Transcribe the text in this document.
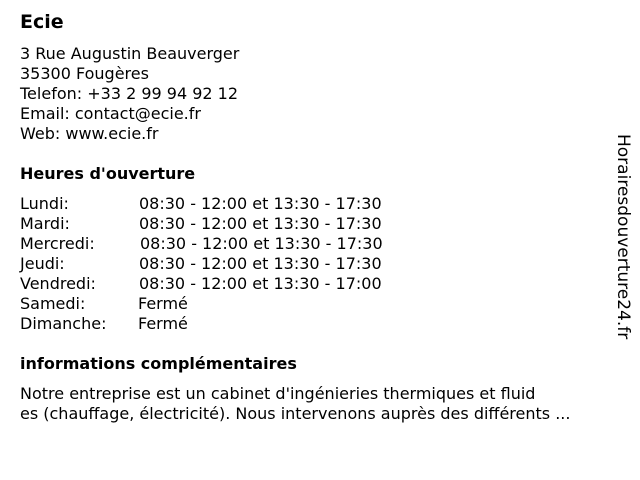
Ecie
3 Rue Augustin Beauverger
35300 Fougères
Telefon: +33 2 99 94 92 12
Email: contact@ecie.fr
Web: www.ecie.fr
Heures d'ouverture
Lundi:	08:30 - 12:00 et 13:30 - 17:30
Mardi:	08:30 - 12:00 et 13:30 - 17:30
Mercredi:	08:30 - 12:00 et 13:30 - 17:30
Jeudi:	08:30 - 12:00 et 13:30 - 17:30
Vendredi:	08:30 - 12:00 et 13:30 - 17:00
Samedi:	Fermé
Dimanche: Fermé
informations complémentaires
Notre entreprise est un cabinet d'ingénieries thermiques et fluid
es (chauffage, électricité). Nous intervenons auprès des différents ...
Horairesdouverture24.fr
